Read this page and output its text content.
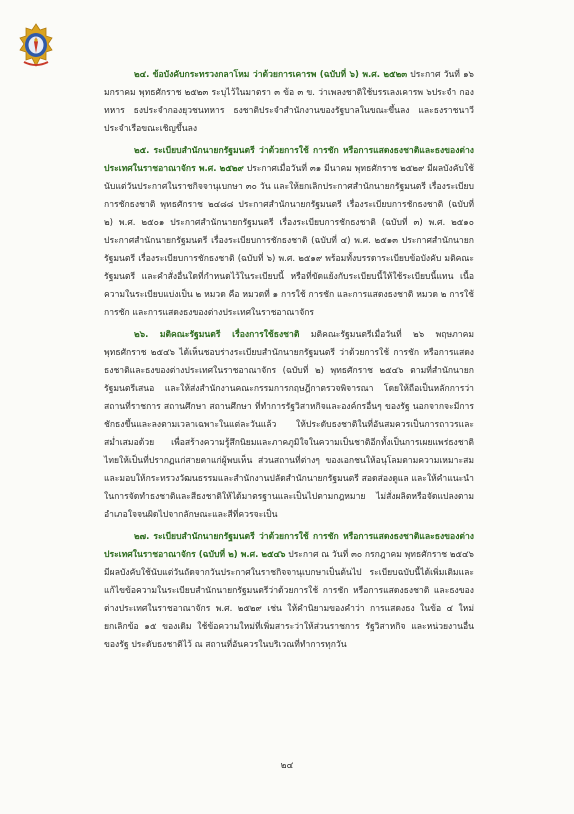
๒๔. ข้อบังคับกระทรวงกลาโหม ว่าด้วยการเคารพ (ฉบับที่ ๖) พ.ศ. ๒๕๒๓ ประกาศ วันที่ ๑๖ มกราคม พุทธศักราช ๒๕๒๓ ระบุไว้ในมาตรา ๓ ข้อ ๓ ข. ว่าเพลงชาติใช้บรรเลงเคารพ ๖ประจำ กองทหาร ธงประจำกองยุวชนทหาร ธงชาติประจำสำนักงานของรัฐบาลในขณะขึ้นลง และธงราชนาวีประจำเรือขณะเชิญขึ้นลง

๒๕. ระเบียบสำนักนายกรัฐมนตรี ว่าด้วยการใช้ การชัก หรือการแสดงธงชาติและธงของต่างประเทศในราชอาณาจักร พ.ศ. ๒๕๒๙ ประกาศเมื่อวันที่ ๓๑ มีนาคม พุทธศักราช ๒๕๒๙ มีผลบังคับใช้นับแต่วันประกาศในราชกิจจานุเบกษา ๓๐ วัน และให้ยกเลิกประกาศสำนักนายกรัฐมนตรี เรื่องระเบียบการชักธงชาติ พุทธศักราช ๒๔๘๘ ประกาศสำนักนายกรัฐมนตรี เรื่องระเบียบการชักธงชาติ (ฉบับที่ ๒) พ.ศ. ๒๕๐๑ ประกาศสำนักนายกรัฐมนตรี เรื่องระเบียบการชักธงชาติ (ฉบับที่ ๓) พ.ศ. ๒๕๑๐ ประกาศสำนักนายกรัฐมนตรี เรื่องระเบียบการชักธงชาติ (ฉบับที่ ๔) พ.ศ. ๒๕๑๓ ประกาศสำนักนายกรัฐมนตรี เรื่องระเบียบการชักธงชาติ (ฉบับที่ ๖) พ.ศ. ๒๕๑๙ พร้อมทั้งบรรดาระเบียบข้อบังคับ มติคณะรัฐมนตรี และคำสั่งอื่นใดที่กำหนดไว้ในระเบียบนี้ หรือที่ขัดแย้งกับระเบียบนี้ให้ใช้ระเบียบนี้แทน เนื้อความในระเบียบแบ่งเป็น ๒ หมวด คือ หมวดที่ ๑ การใช้ การชัก และการแสดงธงชาติ หมวด ๒ การใช้ การชัก และการแสดงธงของต่างประเทศในราชอาณาจักร

๒๖. มติคณะรัฐมนตรี เรื่องการใช้ธงชาติ มติคณะรัฐมนตรีเมื่อวันที่ ๒๖ พฤษภาคม พุทธศักราช ๒๕๔๖ ได้เห็นชอบร่างระเบียบสำนักนายกรัฐมนตรี ว่าด้วยการใช้ การชัก หรือการแสดงธงชาติและธงของต่างประเทศในราชอาณาจักร (ฉบับที่ ๒) พุทธศักราช ๒๕๔๖ ตามที่สำนักนายกรัฐมนตรีเสนอ และให้ส่งสำนักงานคณะกรรมการกฤษฎีกาตรวจพิจารณา โดยให้ถือเป็นหลักการว่าสถานที่ราชการ สถานศึกษา สถานศึกษา ที่ทำการรัฐวิสาหกิจและองค์กรอื่นๆ ของรัฐ นอกจากจะมีการชักธงขึ้นและลงตามเวลาเฉพาะในแต่ละวันแล้ว ให้ประดับธงชาติในที่อันสมควรเป็นการถาวรและสม่ำเสมอด้วย เพื่อสร้างความรู้สึกนิยมและภาคภูมิใจในความเป็นชาติอีกทั้งเป็นการเผยแพร่ธงชาติไทยให้เป็นที่ปรากฏแก่สายตาแก่ผู้พบเห็น ส่วนสถานที่ต่างๆ ของเอกชนให้อนุโลมตามความเหมาะสมและมอบให้กระทรวงวัฒนธรรมและสำนักงานปลัดสำนักนายกรัฐมนตรี สอดส่องดูแล และให้คำแนะนำในการจัดทำธงชาติและสีธงชาติให้ได้มาตรฐานและเป็นไปตามกฎหมาย ไม่สั่งผลิตหรือจัดแปลงตามอำเภอใจจนผิดไปจากลักษณะและสีที่ควรจะเป็น

๒๗. ระเบียบสำนักนายกรัฐมนตรี ว่าด้วยการใช้ การชัก หรือการแสดงธงชาติและธงของต่างประเทศในราชอาณาจักร (ฉบับที่ ๒) พ.ศ. ๒๕๔๖ ประกาศ ณ วันที่ ๓๐ กรกฎาคม พุทธศักราช ๒๕๔๖ มีผลบังคับใช้นับแต่วันถัดจากวันประกาศในราชกิจจานุเบกษาเป็นต้นไป ระเบียบฉบับนี้ได้เพิ่มเติมและแก้ไขข้อความในระเบียบสำนักนายกรัฐมนตรีว่าด้วยการใช้ การชัก หรือการแสดงธงชาติ และธงของต่างประเทศในราชอาณาจักร พ.ศ. ๒๕๒๙ เช่น ให้คำนิยามของคำว่า การแสดงธง ในข้อ ๔ ใหม่ ยกเลิกข้อ ๑๕ ของเดิม ใช้ข้อความใหม่ที่เพิ่มสาระว่าให้ส่วนราชการ รัฐวิสาหกิจ และหน่วยงานอื่นของรัฐ ประดับธงชาติไว้ ณ สถานที่อันควรในบริเวณที่ทำการทุกวัน

๒๔
